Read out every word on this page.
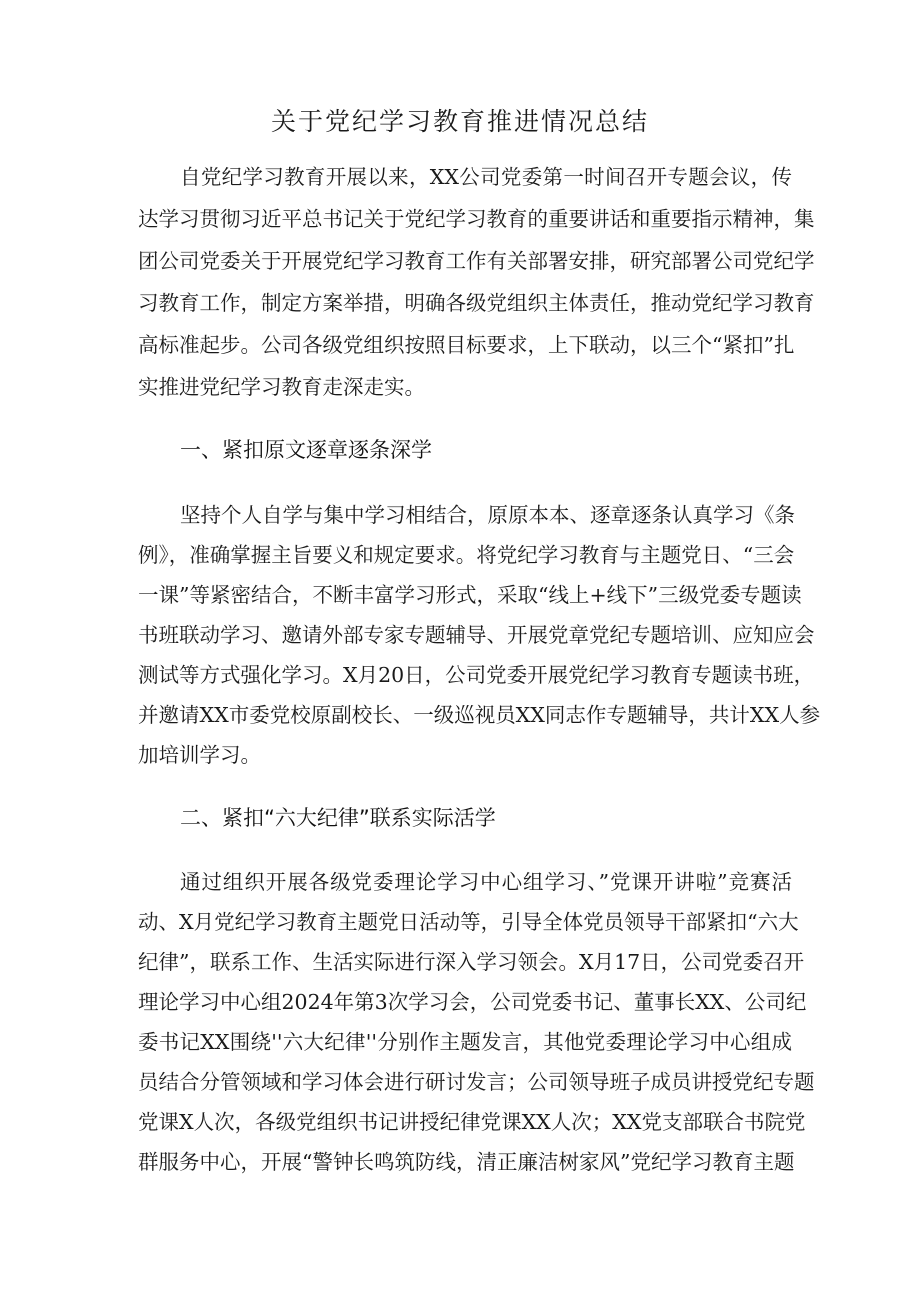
关于党纪学习教育推进情况总结
自党纪学习教育开展以来，XX公司党委第一时间召开专题会议，传
达学习贯彻习近平总书记关于党纪学习教育的重要讲话和重要指示精神，集
团公司党委关于开展党纪学习教育工作有关部署安排，研究部署公司党纪学
习教育工作，制定方案举措，明确各级党组织主体责任，推动党纪学习教育
高标准起步。公司各级党组织按照目标要求，上下联动，以三个“紧扣”扎
实推进党纪学习教育走深走实。
一、紧扣原文逐章逐条深学
坚持个人自学与集中学习相结合，原原本本、逐章逐条认真学习《条
例》，准确掌握主旨要义和规定要求。将党纪学习教育与主题党日、“三会
一课”等紧密结合，不断丰富学习形式，采取“线上+线下”三级党委专题读
书班联动学习、邀请外部专家专题辅导、开展党章党纪专题培训、应知应会
测试等方式强化学习。X月20日，公司党委开展党纪学习教育专题读书班，
并邀请XX市委党校原副校长、一级巡视员XX同志作专题辅导，共计XX人参
加培训学习。
二、紧扣“六大纪律”联系实际活学
通过组织开展各级党委理论学习中心组学习、”党课开讲啦”竞赛活
动、X月党纪学习教育主题党日活动等，引导全体党员领导干部紧扣“六大
纪律”，联系工作、生活实际进行深入学习领会。X月17日，公司党委召开
理论学习中心组2024年第3次学习会，公司党委书记、董事长XX、公司纪
委书记XX围绕''六大纪律''分别作主题发言，其他党委理论学习中心组成
员结合分管领域和学习体会进行研讨发言；公司领导班子成员讲授党纪专题
党课X人次，各级党组织书记讲授纪律党课XX人次；XX党支部联合书院党
群服务中心，开展“警钟长鸣筑防线，清正廉洁树家风”党纪学习教育主题
